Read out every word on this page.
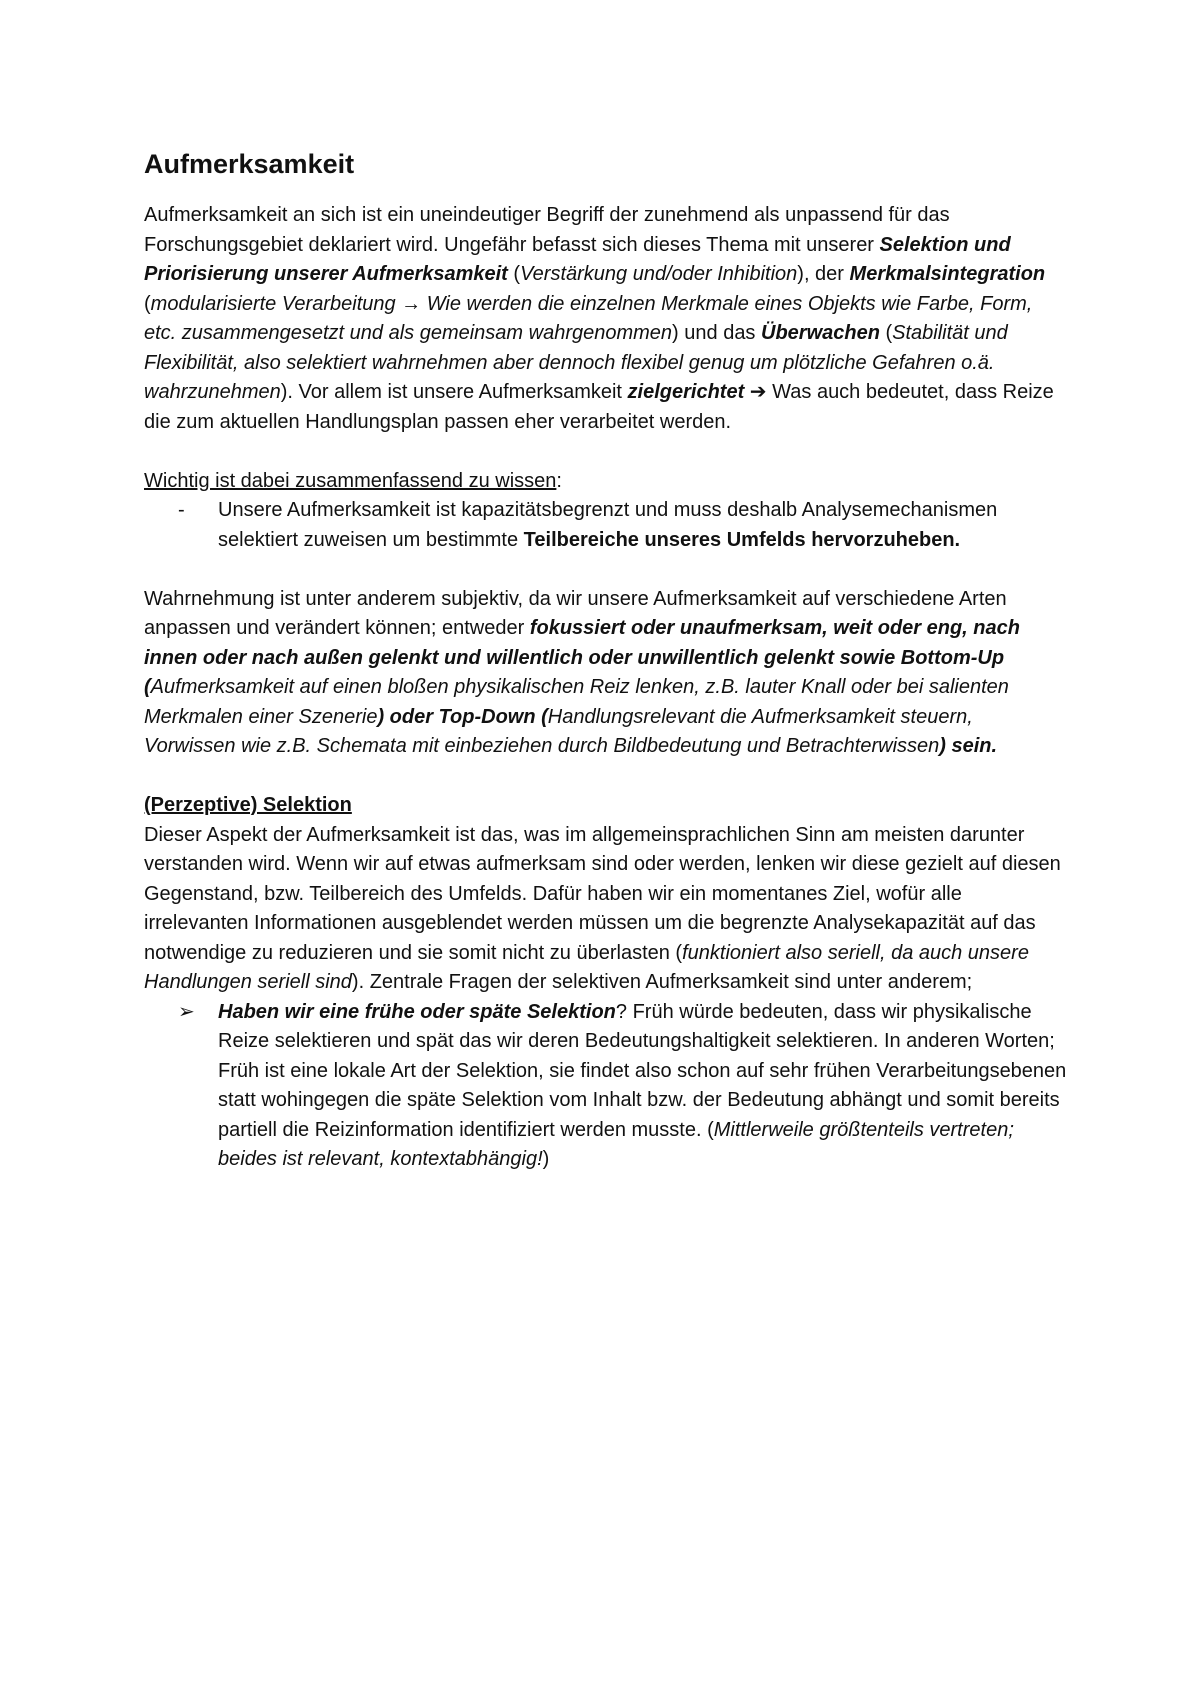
Aufmerksamkeit

Aufmerksamkeit an sich ist ein uneindeutiger Begriff der zunehmend als unpassend für das Forschungsgebiet deklariert wird. Ungefähr befasst sich dieses Thema mit unserer Selektion und Priorisierung unserer Aufmerksamkeit (Verstärkung und/oder Inhibition), der Merkmalsintegration (modularisierte Verarbeitung → Wie werden die einzelnen Merkmale eines Objekts wie Farbe, Form, etc. zusammengesetzt und als gemeinsam wahrgenommen) und das Überwachen (Stabilität und Flexibilität, also selektiert wahrnehmen aber dennoch flexibel genug um plötzliche Gefahren o.ä. wahrzunehmen). Vor allem ist unsere Aufmerksamkeit zielgerichtet ➔ Was auch bedeutet, dass Reize die zum aktuellen Handlungsplan passen eher verarbeitet werden.

Wichtig ist dabei zusammenfassend zu wissen:

- Unsere Aufmerksamkeit ist kapazitätsbegrenzt und muss deshalb Analysemechanismen selektiert zuweisen um bestimmte Teilbereiche unseres Umfelds hervorzuheben.

Wahrnehmung ist unter anderem subjektiv, da wir unsere Aufmerksamkeit auf verschiedene Arten anpassen und verändert können; entweder fokussiert oder unaufmerksam, weit oder eng, nach innen oder nach außen gelenkt und willentlich oder unwillentlich gelenkt sowie Bottom-Up (Aufmerksamkeit auf einen bloßen physikalischen Reiz lenken, z.B. lauter Knall oder bei salienten Merkmalen einer Szenerie) oder Top-Down (Handlungsrelevant die Aufmerksamkeit steuern, Vorwissen wie z.B. Schemata mit einbeziehen durch Bildbedeutung und Betrachterwissen) sein.

(Perzeptive) Selektion

Dieser Aspekt der Aufmerksamkeit ist das, was im allgemeinsprachlichen Sinn am meisten darunter verstanden wird. Wenn wir auf etwas aufmerksam sind oder werden, lenken wir diese gezielt auf diesen Gegenstand, bzw. Teilbereich des Umfelds. Dafür haben wir ein momentanes Ziel, wofür alle irrelevanten Informationen ausgeblendet werden müssen um die begrenzte Analysekapazität auf das notwendige zu reduzieren und sie somit nicht zu überlasten (funktioniert also seriell, da auch unsere Handlungen seriell sind). Zentrale Fragen der selektiven Aufmerksamkeit sind unter anderem;

➢ Haben wir eine frühe oder späte Selektion? Früh würde bedeuten, dass wir physikalische Reize selektieren und spät das wir deren Bedeutungshaltigkeit selektieren. In anderen Worten; Früh ist eine lokale Art der Selektion, sie findet also schon auf sehr frühen Verarbeitungsebenen statt wohingegen die späte Selektion vom Inhalt bzw. der Bedeutung abhängt und somit bereits partiell die Reizinformation identifiziert werden musste. (Mittlerweile größtenteils vertreten; beides ist relevant, kontextabhängig!)
